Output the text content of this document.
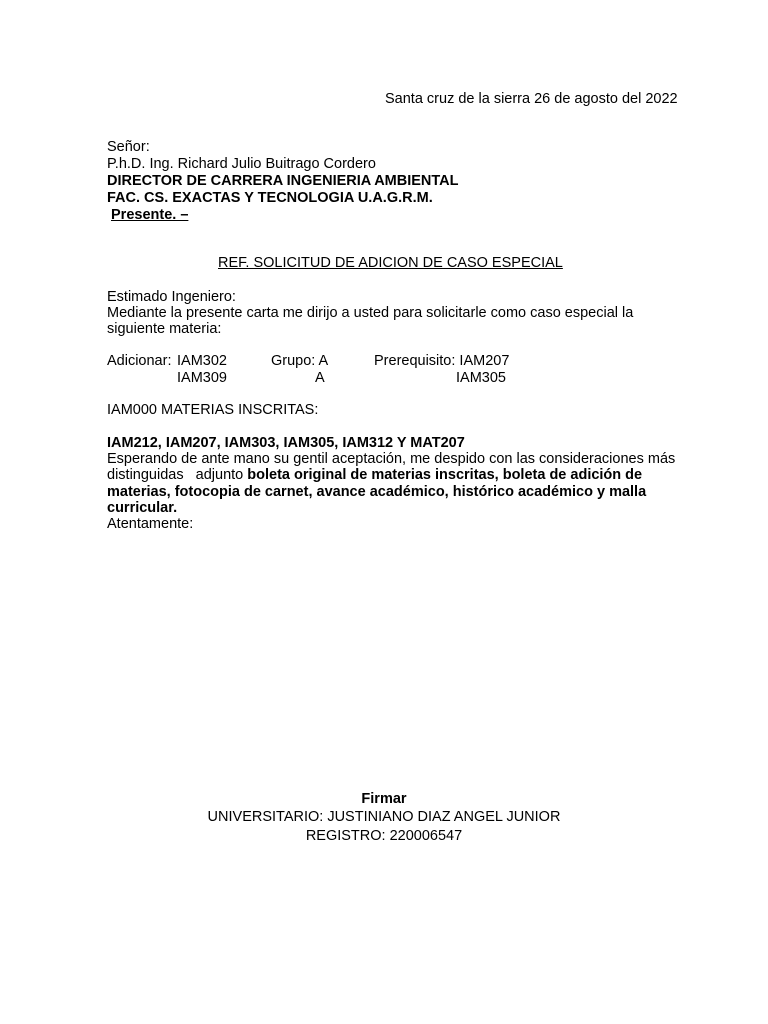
Santa cruz de la sierra 26 de agosto del 2022
Señor:
P.h.D. Ing. Richard Julio Buitrago Cordero
DIRECTOR DE CARRERA INGENIERIA AMBIENTAL
FAC. CS. EXACTAS Y TECNOLOGIA U.A.G.R.M.
Presente. –
REF. SOLICITUD DE ADICION DE CASO ESPECIAL
Estimado Ingeniero:
Mediante la presente carta me dirijo a usted para solicitarle como caso especial la
siguiente materia:
Adicionar: IAM302	Grupo: A	Prerequisito: IAM207
IAM309	A	IAM305
IAM000 MATERIAS INSCRITAS:
IAM212, IAM207, IAM303, IAM305, IAM312 Y MAT207
Esperando de ante mano su gentil aceptación, me despido con las consideraciones más
distinguidas   adjunto boleta original de materias inscritas, boleta de adición de
materias, fotocopia de carnet, avance académico, histórico académico y malla
curricular.
Atentamente:
Firmar
UNIVERSITARIO: JUSTINIANO DIAZ ANGEL JUNIOR
REGISTRO: 220006547
